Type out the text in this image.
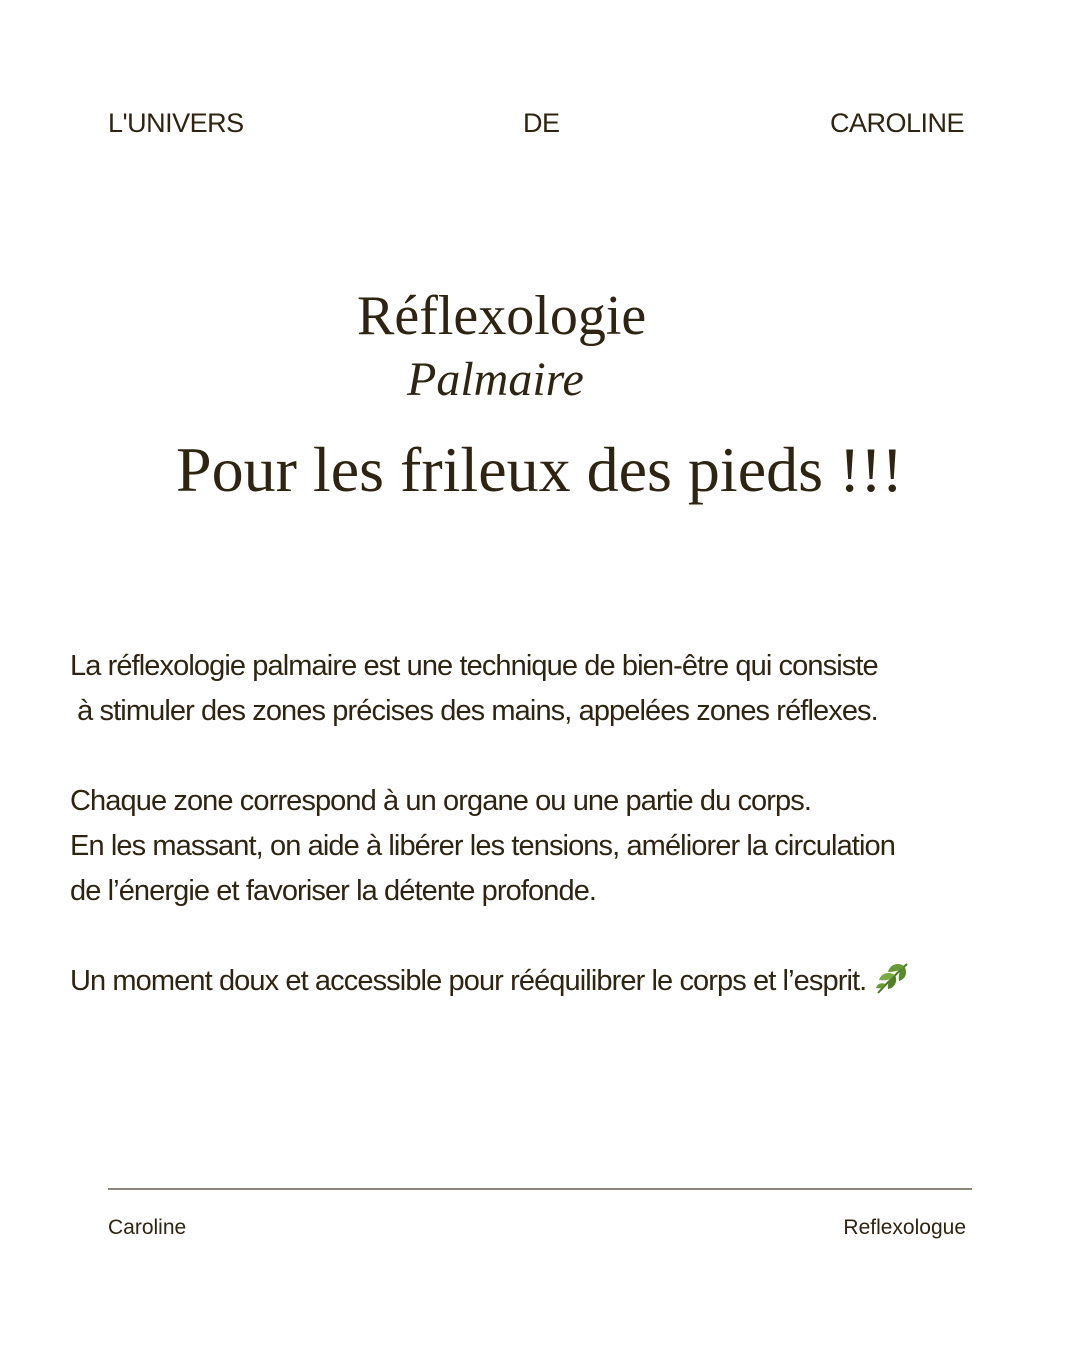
L'UNIVERS	DE	CAROLINE
Réflexologie
Palmaire
Pour les frileux des pieds !!!
La réflexologie palmaire est une technique de bien-être qui consiste
à stimuler des zones précises des mains, appelées zones réflexes.
Chaque zone correspond à un organe ou une partie du corps.
En les massant, on aide à libérer les tensions, améliorer la circulation
de l’énergie et favoriser la détente profonde.
Un moment doux et accessible pour rééquilibrer le corps et l’esprit.
Caroline	Reflexologue
